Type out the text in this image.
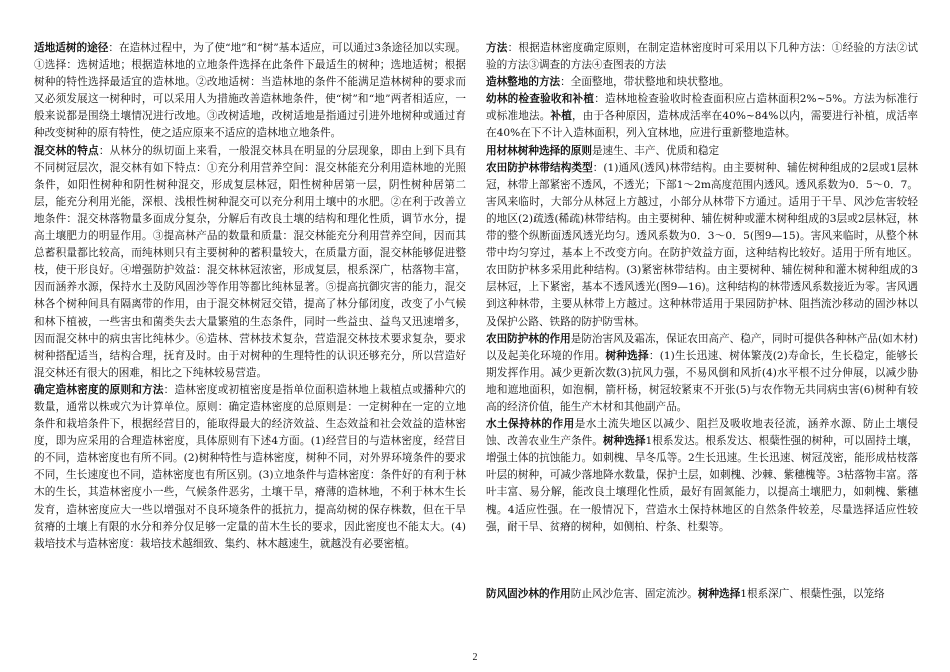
适地适树的途径：在造林过程中，为了使“地”和“树”基本适应，可以通过3条途径加以实现。①选择：选树适地；根据造林地的立地条件选择在此条件下最适生的树种；选地适树；根据树种的特性选择最适宜的造林地。②改地适树：当造林地的条件不能满足造林树种的要求而又必须发展这一树种时，可以采用人为措施改善造林地条件，使“树”和“地”两者相适应，一般来说都是围绕土壤情况进行改地。③改树适地，改树适地是指通过引进外地树种或通过育种改变树种的原有特性，使之适应原来不适应的造林地立地条件。

混交林的特点：从林分的纵切面上来看，一般混交林具在明显的分层现象，即由上到下具有不同树冠层次，混交林有如下特点：①充分利用营养空间：混交林能充分利用造林地的光照条件，如阳性树种和阴性树种混交，形成复层林冠，阳性树种居第一层，阴性树种居第二层，能充分利用光能，深根、浅根性树种混交可以充分利用土壤中的水肥。②在利于改善立地条件：混交林落物量多面成分复杂，分解后有改良土壤的结构和理化性质，调节水分，提高土壤肥力的明显作用。③提高林产品的数量和质量：混交林能充分利用营养空间，因而其总蓄积量都比较高，而纯林则只有主要树种的蓄积量较大，在质量方面，混交林能够促进整枝，使干形良好。④增强防护效益：混交林林冠浓密，形成复层，根系深广，枯落物丰富，因而涵养水源，保持水土及防风固沙等作用等都比纯林显著。⑤提高抗御灾害的能力，混交林各个树种间具有隔离带的作用，由于混交林树冠交错，提高了林分郁闭度，改变了小气候和林下植被，一些害虫和菌类失去大量繁殖的生态条件，同时一些益虫、益鸟又迅速增多，因而混交林中的病虫害比纯林少。⑥造林、营林技术复杂，营造混交林技术要求复杂，要求树种搭配适当，结构合理，抚育及时。由于对树种的生理特性的认识还够充分，所以营造好混交林还有很大的困难，相比之下纯林较易营造。

确定造林密度的原则和方法：造林密度或初植密度是指单位面积造林地上栽植点或播种穴的数量，通常以株或穴为计算单位。原则：确定造林密度的总原则是：一定树种在一定的立地条件和栽培条件下，根据经营目的，能取得最大的经济效益、生态效益和社会效益的造林密度，即为应采用的合理造林密度，具体原则有下述4方面。(1)经营目的与造林密度，经营目的不同，造林密度也有所不同。(2)树种特性与造林密度，树种不同，对外界环境条件的要求不同，生长速度也不同，造林密度也有所区别。(3)立地条件与造林密度：条件好的有利于林木的生长，其造林密度小一些，气候条件恶劣，土壤干旱，瘠薄的造林地，不利于林木生长发育，造林密度应大一些以增强对不良环境条件的抵抗力，提高幼树的保存株数，但在干旱贫瘠的土壤上有限的水分和养分仅足够一定量的苗木生长的要求，因此密度也不能太大。(4)栽培技术与造林密度：栽培技术越细致、集约、林木越速生，就越没有必要密植。

方法：根据造林密度确定原则，在制定造林密度时可采用以下几种方法：①经验的方法②试验的方法③调查的方法④查图表的方法

造林整地的方法：全面整地，带状整地和块状整地。

幼林的检查验收和补植：造林地检查验收时检查面积应占造林面积2%~5%。方法为标准行或标准地法。补植，由于各种原因，造林成活率在40%~84%以内，需要进行补植，成活率在40%在下不计入造林面积，列入宜林地，应进行重新整地造林。

用材林树种选择的原则是速生、丰产、优质和稳定

农田防护林带结构类型：(1)通风(透风)林带结构。由主要树种、辅佐树种组成的2层或1层林冠，林带上部紧密不透风，不透光；下部1～2m高度范围内透风。透风系数为0．5～0．7。害风来临时，大部分从林冠上方越过，小部分从林带下方通过。适用于干旱、风沙危害较轻的地区(2)疏透(稀疏)林带结构。由主要树种、辅佐树种或灌木树种组成的3层或2层林冠，林带的整个纵断面透风透光均匀。透风系数为0．3～0．5(图9—15)。害风来临时，从整个林带中均匀穿过，基本上不改变方向。在防护效益方面，这种结构比较好。适用于所有地区。农田防护林多采用此种结构。(3)紧密林带结构。由主要树种、辅佐树种和灌木树种组成的3层林冠，上下紧密，基本不透风透光(图9—16)。这种结构的林带透风系数接近为零。害风遇到这种林带，主要从林带上方越过。这种林带适用于果园防护林、阻挡流沙移动的固沙林以及保护公路、铁路的防护防雪林。

农田防护林的作用是防治害风及霜冻，保证农田高产、稳产，同时可提供各种林产品(如木材)以及起美化环境的作用。树种选择：(1)生长迅速、树体繁茂(2)寿命长，生长稳定，能够长期发挥作用。减少更新次数(3)抗风力强，不易风倒和风折(4)水平根不过分伸展，以减少胁地和遮地面积，如泡桐，箭杆杨，树冠较紧束不开张(5)与农作物无共同病虫害(6)树种有较高的经济价值，能生产木材和其他副产品。

水土保持林的作用是水土流失地区以减少、阻拦及吸收地表径流，涵养水源、防止土壤侵蚀、改善农业生产条件。树种选择1根系发达。根系发达、根蘖性强的树种，可以固持土壤，增强土体的抗蚀能力。如刺槐、旱冬瓜等。2生长迅速。生长迅速、树冠茂密，能形成枯枝落叶层的树种，可减少落地降水数量，保护土层，如刺槐、沙棘、紫穗槐等。3枯落物丰富。落叶丰富、易分解，能改良土壤理化性质，最好有固氮能力，以提高土壤肥力，如刺槐、紫穗槐。4适应性强。在一般情况下，营造水土保持林地区的自然条件较差，尽量选择适应性较强，耐干旱、贫瘠的树种，如侧柏、柠条、杜梨等。

防风固沙林的作用防止风沙危害、固定流沙。树种选择1根系深广、根蘖性强，以笼络

2
